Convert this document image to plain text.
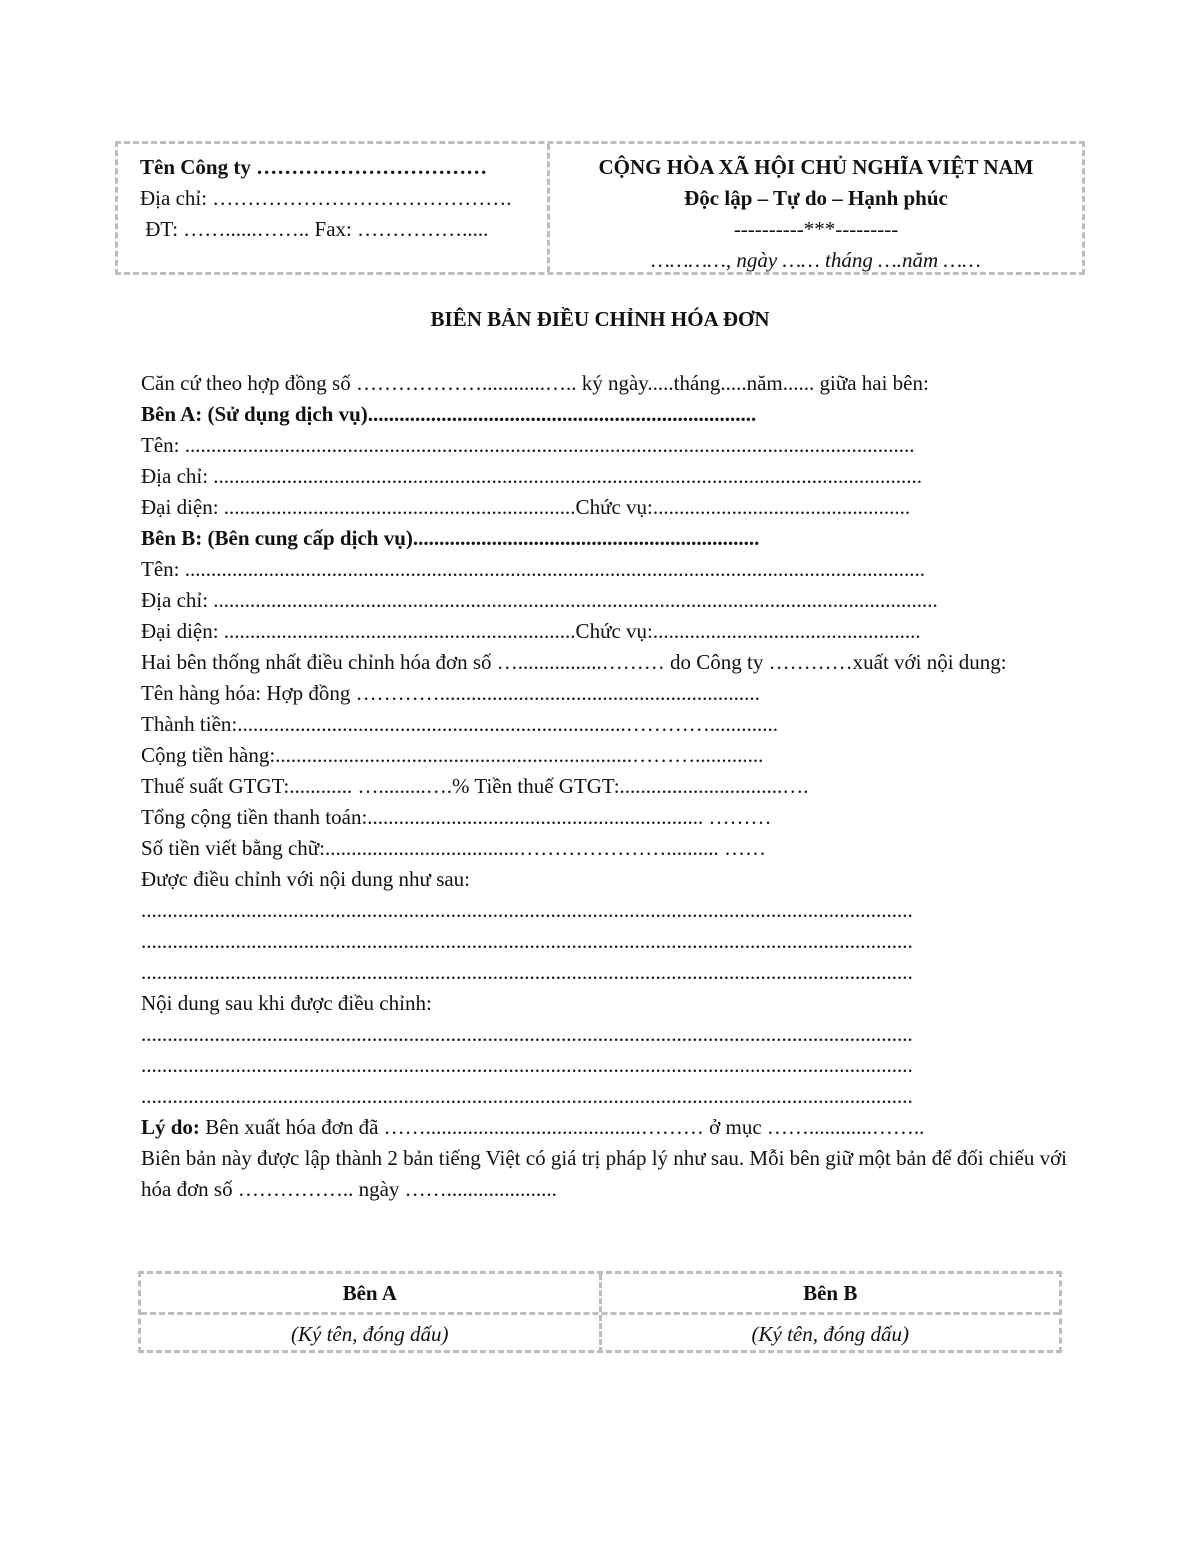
Tên Công ty ……………………………
Địa chỉ: …………………………………….
ĐT: ……......…….. Fax: …………….....
CỘNG HÒA XÃ HỘI CHỦ NGHĨA VIỆT NAM
Độc lập – Tự do – Hạnh phúc
----------***---------
…………, ngày …… tháng ….năm ……
BIÊN BẢN ĐIỀU CHỈNH HÓA ĐƠN
Căn cứ theo hợp đồng số ………………............….. ký ngày.....tháng.....năm...... giữa hai bên:
Bên A: (Sử dụng dịch vụ)..........................................................................
Tên: ...........................................................................................................................................
Địa chỉ: .......................................................................................................................................
Đại diện: ...................................................................Chức vụ:.................................................
Bên B: (Bên cung cấp dịch vụ)..................................................................
Tên: .............................................................................................................................................
Địa chỉ: ..........................................................................................................................................
Đại diện: ...................................................................Chức vụ:...................................................
Hai bên thống nhất điều chỉnh hóa đơn số …................……… do Công ty …………xuất với nội dung:
Tên hàng hóa: Hợp đồng ………….............................................................
Thành tiền:..........................................................................………….............
Cộng tiền hàng:....................................................................……….............
Thuế suất GTGT:............ ….........….% Tiền thuế GTGT:...............................….
Tổng cộng tiền thanh toán:................................................................ ………
Số tiền viết bằng chữ:.....................................………………….......... ……
Được điều chỉnh với nội dung như sau:
...................................................................................................................................................
...................................................................................................................................................
...................................................................................................................................................
Nội dung sau khi được điều chỉnh:
...................................................................................................................................................
...................................................................................................................................................
...................................................................................................................................................
Lý do: Bên xuất hóa đơn đã …….........................................……… ở mục ……............……..
Biên bản này được lập thành 2 bản tiếng Việt có giá trị pháp lý như sau. Mỗi bên giữ một bản để đối chiếu với hóa đơn số …………….. ngày …….....................
Bên A	Bên B
(Ký tên, đóng dấu)	(Ký tên, đóng dấu)
